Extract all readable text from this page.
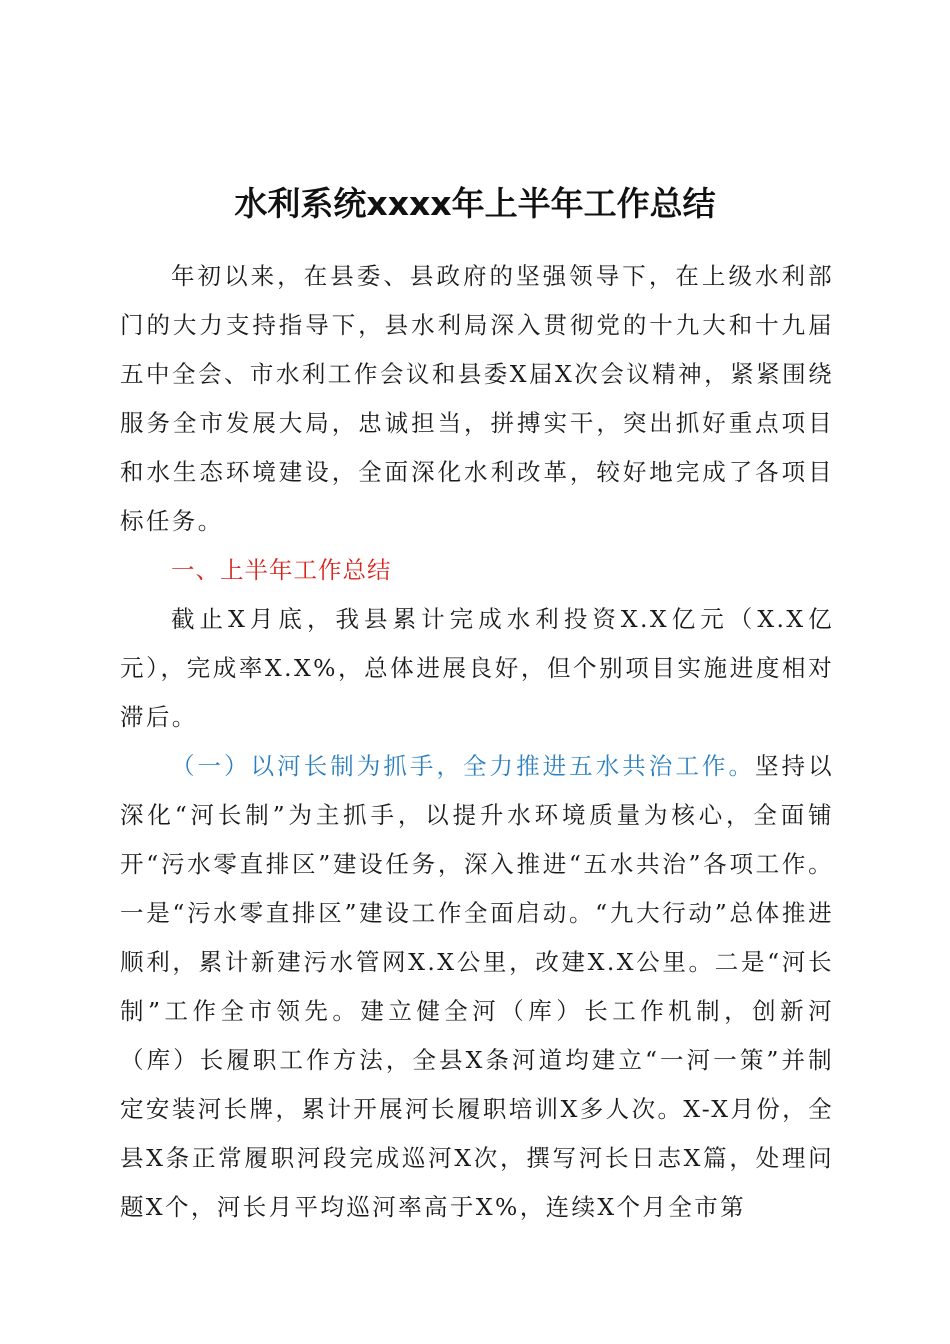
水利系统xxxx年上半年工作总结

年初以来，在县委、县政府的坚强领导下，在上级水利部门的大力支持指导下，县水利局深入贯彻党的十九大和十九届五中全会、市水利工作会议和县委X届X次会议精神，紧紧围绕服务全市发展大局，忠诚担当，拼搏实干，突出抓好重点项目和水生态环境建设，全面深化水利改革，较好地完成了各项目标任务。

一、上半年工作总结

截止X月底，我县累计完成水利投资X.X亿元（X.X亿元），完成率X.X%，总体进展良好，但个别项目实施进度相对滞后。

（一）以河长制为抓手，全力推进五水共治工作。坚持以深化“河长制”为主抓手，以提升水环境质量为核心，全面铺开“污水零直排区”建设任务，深入推进“五水共治”各项工作。一是“污水零直排区”建设工作全面启动。“九大行动”总体推进顺利，累计新建污水管网X.X公里，改建X.X公里。二是“河长制”工作全市领先。建立健全河（库）长工作机制，创新河（库）长履职工作方法，全县X条河道均建立“一河一策”并制定安装河长牌，累计开展河长履职培训X多人次。X-X月份，全县X条正常履职河段完成巡河X次，撰写河长日志X篇，处理问题X个，河长月平均巡河率高于X%，连续X个月全市第
